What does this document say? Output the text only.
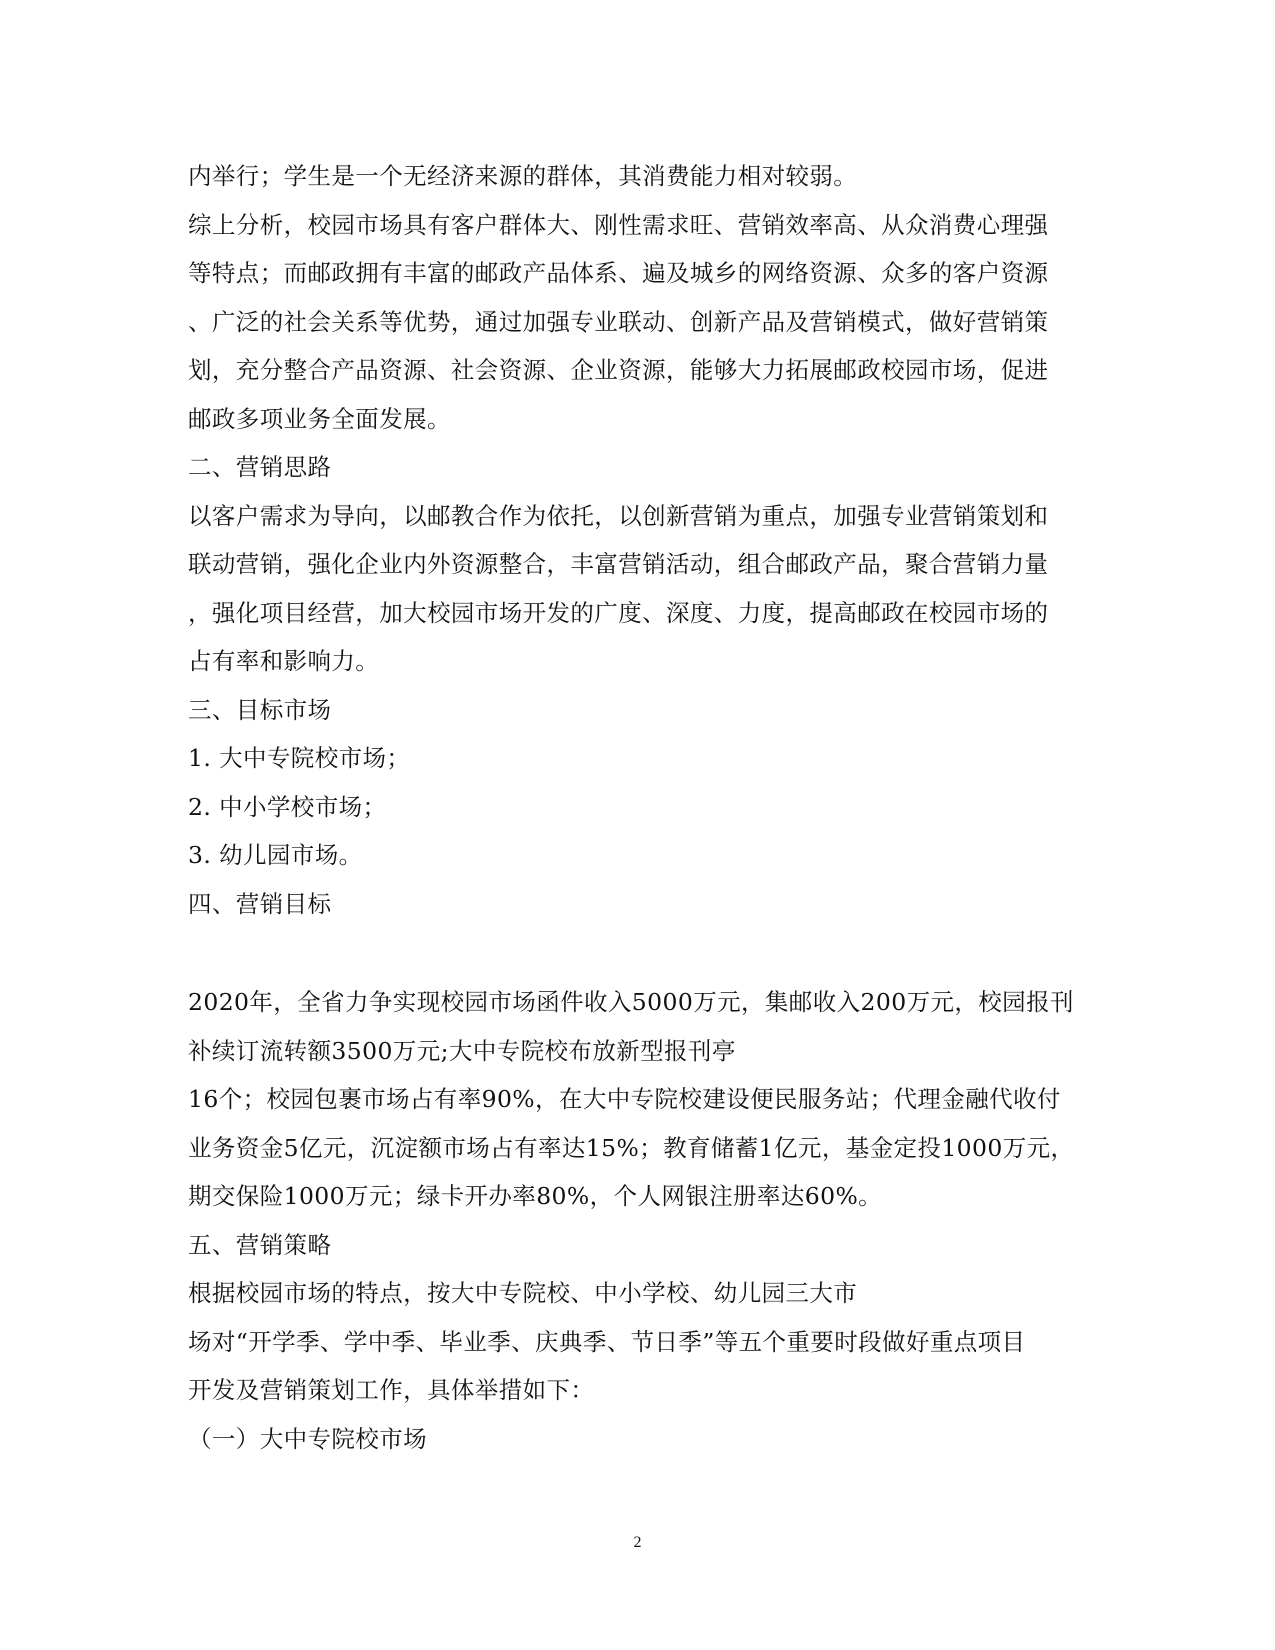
内举行；学生是一个无经济来源的群体，其消费能力相对较弱。
综上分析，校园市场具有客户群体大、刚性需求旺、营销效率高、从众消费心理强
等特点；而邮政拥有丰富的邮政产品体系、遍及城乡的网络资源、众多的客户资源
、广泛的社会关系等优势，通过加强专业联动、创新产品及营销模式，做好营销策
划，充分整合产品资源、社会资源、企业资源，能够大力拓展邮政校园市场，促进
邮政多项业务全面发展。
二、营销思路
以客户需求为导向，以邮教合作为依托，以创新营销为重点，加强专业营销策划和
联动营销，强化企业内外资源整合，丰富营销活动，组合邮政产品，聚合营销力量
，强化项目经营，加大校园市场开发的广度、深度、力度，提高邮政在校园市场的
占有率和影响力。
三、目标市场
1. 大中专院校市场；
2. 中小学校市场；
3. 幼儿园市场。
四、营销目标
2020年，全省力争实现校园市场函件收入5000万元，集邮收入200万元，校园报刊
补续订流转额3500万元;大中专院校布放新型报刊亭
16个；校园包裹市场占有率90%，在大中专院校建设便民服务站；代理金融代收付
业务资金5亿元，沉淀额市场占有率达15%；教育储蓄1亿元，基金定投1000万元，
期交保险1000万元；绿卡开办率80%，个人网银注册率达60%。
五、营销策略
根据校园市场的特点，按大中专院校、中小学校、幼儿园三大市
场对“开学季、学中季、毕业季、庆典季、节日季”等五个重要时段做好重点项目
开发及营销策划工作，具体举措如下：
（一）大中专院校市场
2
